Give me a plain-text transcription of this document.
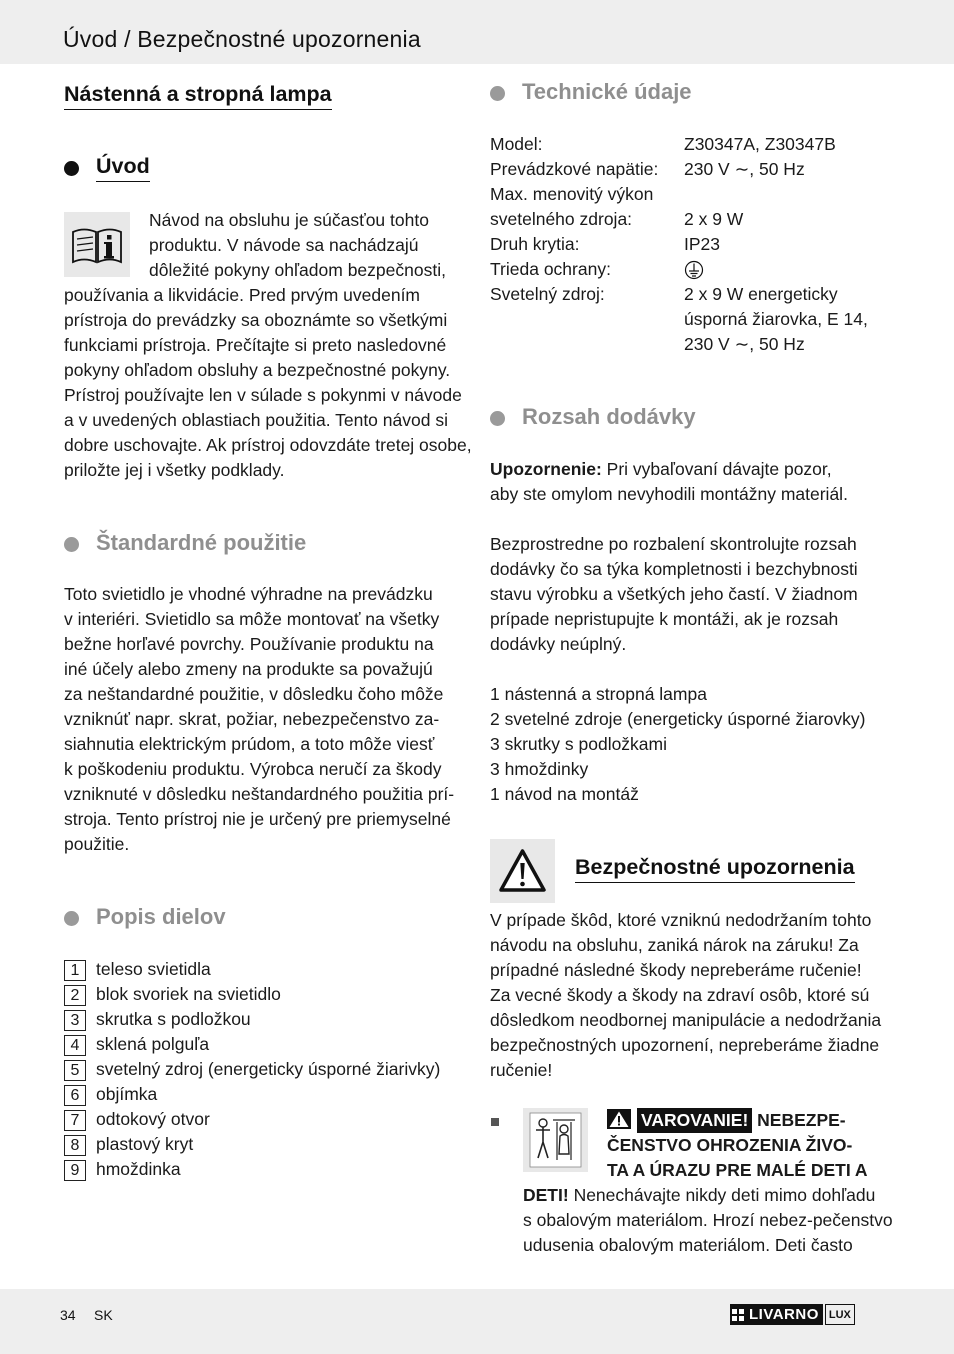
Úvod / Bezpečnostné upozornenia
Nástenná a stropná lampa
Úvod
Návod na obsluhu je súčasťou tohto
produktu. V návode sa nachádzajú
dôležité pokyny ohľadom bezpečnosti,
používania a likvidácie. Pred prvým uvedením
prístroja do prevádzky sa oboznámte so všetkými
funkciami prístroja. Prečítajte si preto nasledovné
pokyny ohľadom obsluhy a bezpečnostné pokyny.
Prístroj používajte len v súlade s pokynmi v návode
a v uvedených oblastiach použitia. Tento návod si
dobre uschovajte. Ak prístroj odovzdáte tretej osobe,
priložte jej i všetky podklady.
Štandardné použitie
Toto svietidlo je vhodné výhradne na prevádzku
v interiéri. Svietidlo sa môže montovať na všetky
bežne horľavé povrchy. Používanie produktu na
iné účely alebo zmeny na produkte sa považujú
za neštandardné použitie, v dôsledku čoho môže
vzniknúť napr. skrat, požiar, nebezpečenstvo za-
siahnutia elektrickým prúdom, a toto môže viesť
k poškodeniu produktu. Výrobca neručí za škody
vzniknuté v dôsledku neštandardného použitia prí-
stroja. Tento prístroj nie je určený pre priemyselné
použitie.
Popis dielov
1 teleso svietidla
2 blok svoriek na svietidlo
3 skrutka s podložkou
4 sklená polguľa
5 svetelný zdroj (energeticky úsporné žiarivky)
6 objímka
7 odtokový otvor
8 plastový kryt
9 hmoždinka
Technické údaje
Model:
Prevádzkové napätie:
Max. menovitý výkon
svetelného zdroja:
Druh krytia:
Trieda ochrany:
Svetelný zdroj:
Z30347A, Z30347B
230 V ∼, 50 Hz
2 x 9 W
IP23
2 x 9 W energeticky
úsporná žiarovka, E 14,
230 V ∼, 50 Hz
Rozsah dodávky
Upozornenie: Pri vybaľovaní dávajte pozor,
aby ste omylom nevyhodili montážny materiál.
Bezprostredne po rozbalení skontrolujte rozsah
dodávky čo sa týka kompletnosti i bezchybnosti
stavu výrobku a všetkých jeho častí. V žiadnom
prípade nepristupujte k montáži, ak je rozsah
dodávky neúplný.
1 nástenná a stropná lampa
2 svetelné zdroje (energeticky úsporné žiarovky)
3 skrutky s podložkami
3 hmoždinky
1 návod na montáž
Bezpečnostné upozornenia
V prípade škôd, ktoré vzniknú nedodržaním tohto
návodu na obsluhu, zaniká nárok na záruku! Za
prípadné následné škody nepreberáme ručenie!
Za vecné škody a škody na zdraví osôb, ktoré sú
dôsledkom neodbornej manipulácie a nedodržania
bezpečnostných upozornení, nepreberáme žiadne
ručenie!
VAROVANIE! NEBEZPE-
ČENSTVO OHROZENIA ŽIVO-
TA A ÚRAZU PRE MALÉ DETI A
DETI! Nenechávajte nikdy deti mimo dohľadu
s obalovým materiálom. Hrozí nebez-pečenstvo
udusenia obalovým materiálom. Deti často
34 SK	LIVARNO LUX
